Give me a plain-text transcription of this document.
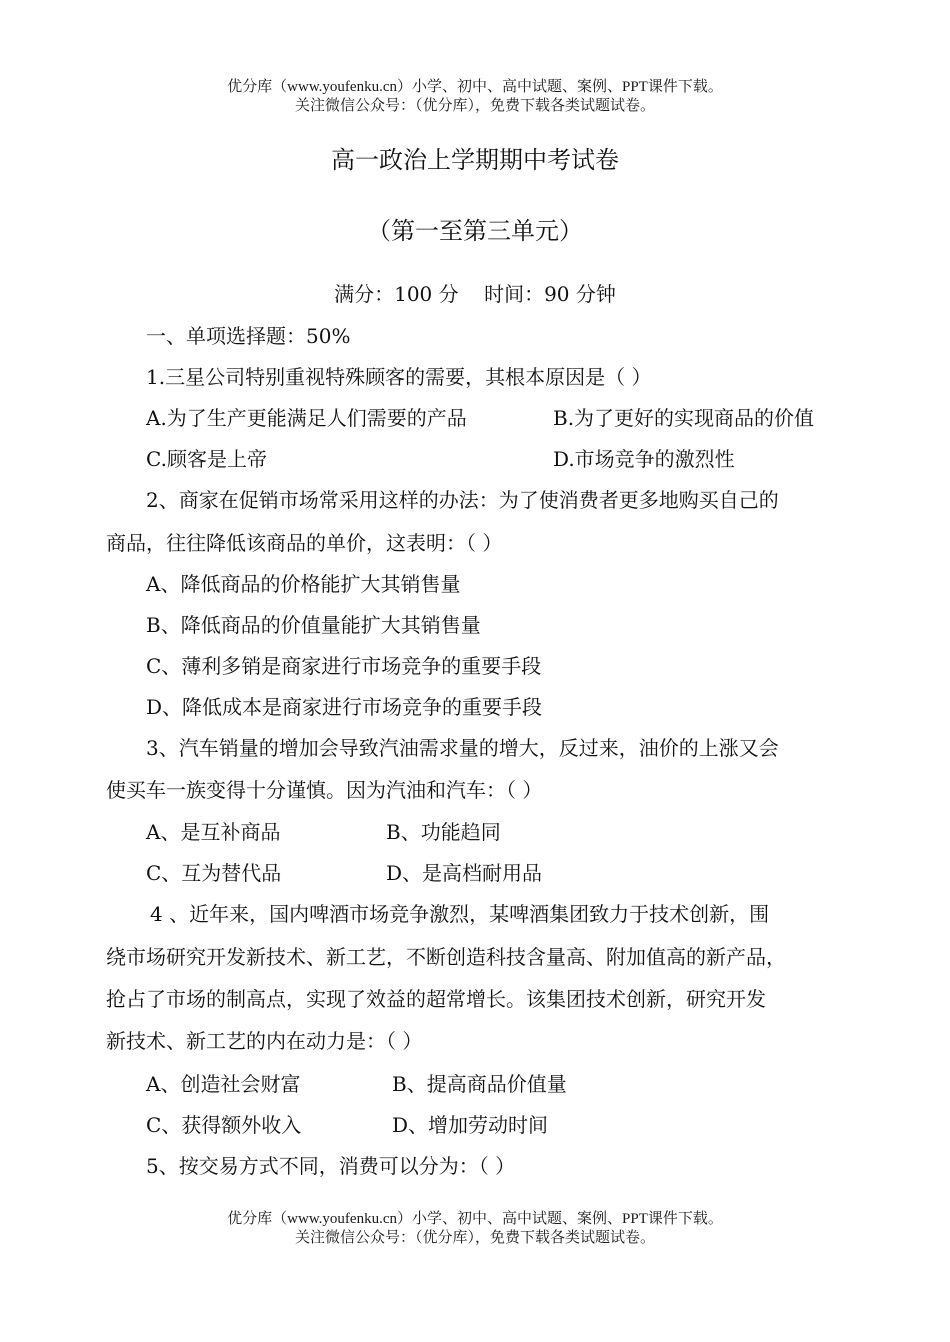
优分库（www.youfenku.cn）小学、初中、高中试题、案例、PPT课件下载。
关注微信公众号：（优分库），免费下载各类试题试卷。
高一政治上学期期中考试卷
（第一至第三单元）
满分：100 分    时间：90 分钟
一、单项选择题：50%
1.三星公司特别重视特殊顾客的需要，其根本原因是（ ）
A.为了生产更能满足人们需要的产品	B.为了更好的实现商品的价值
C.顾客是上帝	D.市场竞争的激烈性
2、商家在促销市场常采用这样的办法：为了使消费者更多地购买自己的
商品，往往降低该商品的单价，这表明：（ ）
A、降低商品的价格能扩大其销售量
B、降低商品的价值量能扩大其销售量
C、薄利多销是商家进行市场竞争的重要手段
D、降低成本是商家进行市场竞争的重要手段
3、汽车销量的增加会导致汽油需求量的增大，反过来，油价的上涨又会
使买车一族变得十分谨慎。因为汽油和汽车：（ ）
A、是互补商品	B、功能趋同
C、互为替代品	D、是高档耐用品
4 、近年来，国内啤酒市场竞争激烈，某啤酒集团致力于技术创新，围
绕市场研究开发新技术、新工艺，不断创造科技含量高、附加值高的新产品，
抢占了市场的制高点，实现了效益的超常增长。该集团技术创新，研究开发
新技术、新工艺的内在动力是：（ ）
A、创造社会财富	B、提高商品价值量
C、获得额外收入	D、增加劳动时间
5、按交易方式不同，消费可以分为：（ ）
优分库（www.youfenku.cn）小学、初中、高中试题、案例、PPT课件下载。
关注微信公众号：（优分库），免费下载各类试题试卷。
